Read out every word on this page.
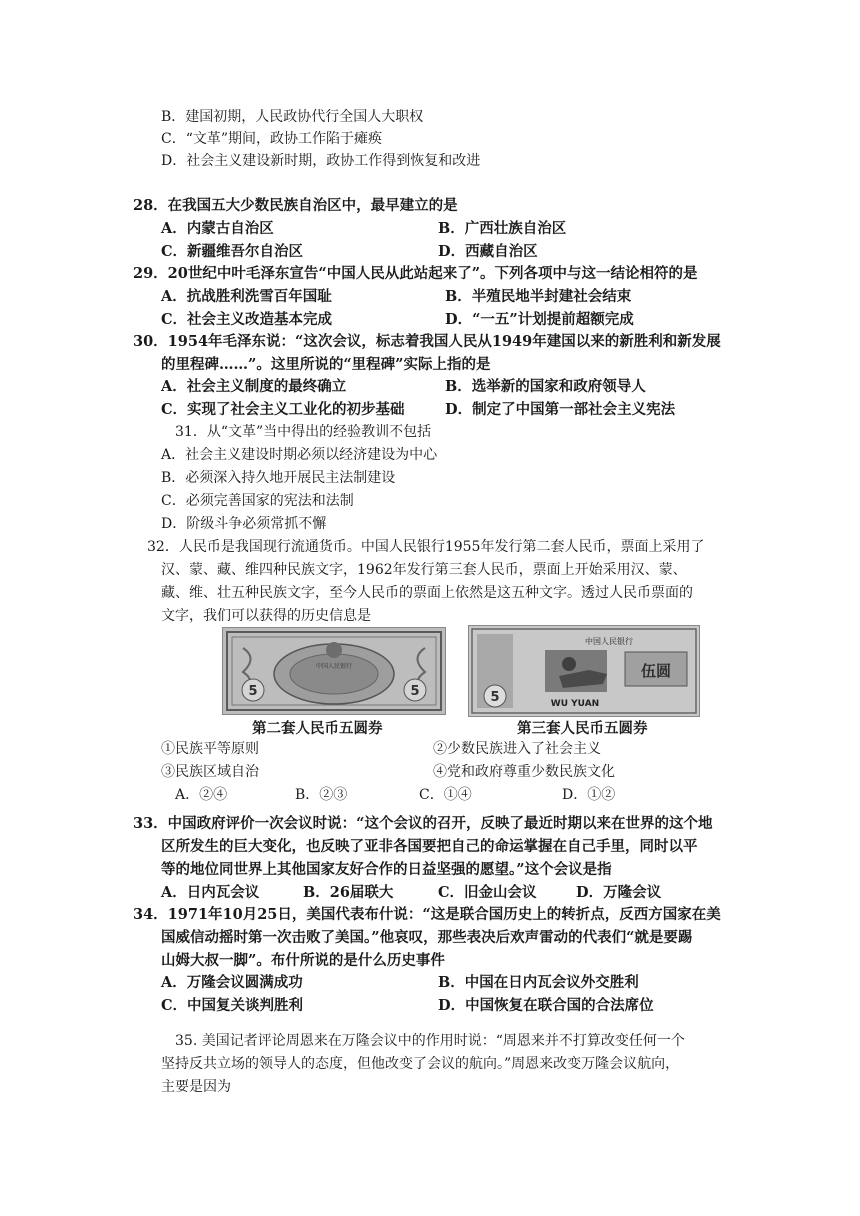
B．建国初期，人民政协代行全国人大职权
C．“文革”期间，政协工作陷于瘫痪
D．社会主义建设新时期，政协工作得到恢复和改进
28．在我国五大少数民族自治区中，最早建立的是
A．内蒙古自治区	B．广西壮族自治区
C．新疆维吾尔自治区	D．西藏自治区
29．20世纪中叶毛泽东宣告“中国人民从此站起来了”。下列各项中与这一结论相符的是
A．抗战胜利洗雪百年国耻	B．半殖民地半封建社会结束
C．社会主义改造基本完成	D．“一五”计划提前超额完成
30．1954年毛泽东说：“这次会议，标志着我国人民从1949年建国以来的新胜利和新发展
的里程碑……”。这里所说的“里程碑”实际上指的是
A．社会主义制度的最终确立	B．选举新的国家和政府领导人
C．实现了社会主义工业化的初步基础	D．制定了中国第一部社会主义宪法
31．从“文革”当中得出的经验教训不包括
A．社会主义建设时期必须以经济建设为中心
B．必须深入持久地开展民主法制建设
C．必须完善国家的宪法和法制
D．阶级斗争必须常抓不懈
32．人民币是我国现行流通货币。中国人民银行1955年发行第二套人民币，票面上采用了
汉、蒙、藏、维四种民族文字，1962年发行第三套人民币，票面上开始采用汉、蒙、
藏、维、壮五种民族文字，至今人民币的票面上依然是这五种文字。透过人民币票面的
文字，我们可以获得的历史信息是
5	5
中国人民银行
中国人民银行
伍圆
5	WU YUAN
第二套人民币五圆券	第三套人民币五圆券
①民族平等原则	②少数民族进入了社会主义
③民族区域自治	④党和政府尊重少数民族文化
A．②④	B．②③	C．①④	D．①②
33．中国政府评价一次会议时说：“这个会议的召开，反映了最近时期以来在世界的这个地
区所发生的巨大变化，也反映了亚非各国要把自己的命运掌握在自己手里，同时以平
等的地位同世界上其他国家友好合作的日益坚强的愿望。”这个会议是指
A．日内瓦会议	B．26届联大	C．旧金山会议	D．万隆会议
34．1971年10月25日，美国代表布什说：“这是联合国历史上的转折点，反西方国家在美
国威信动摇时第一次击败了美国。”他哀叹，那些表决后欢声雷动的代表们“就是要踢
山姆大叔一脚”。布什所说的是什么历史事件
A．万隆会议圆满成功	B．中国在日内瓦会议外交胜利
C．中国复关谈判胜利	D．中国恢复在联合国的合法席位
35. 美国记者评论周恩来在万隆会议中的作用时说：“周恩来并不打算改变任何一个
坚持反共立场的领导人的态度，但他改变了会议的航向。”周恩来改变万隆会议航向，
主要是因为
